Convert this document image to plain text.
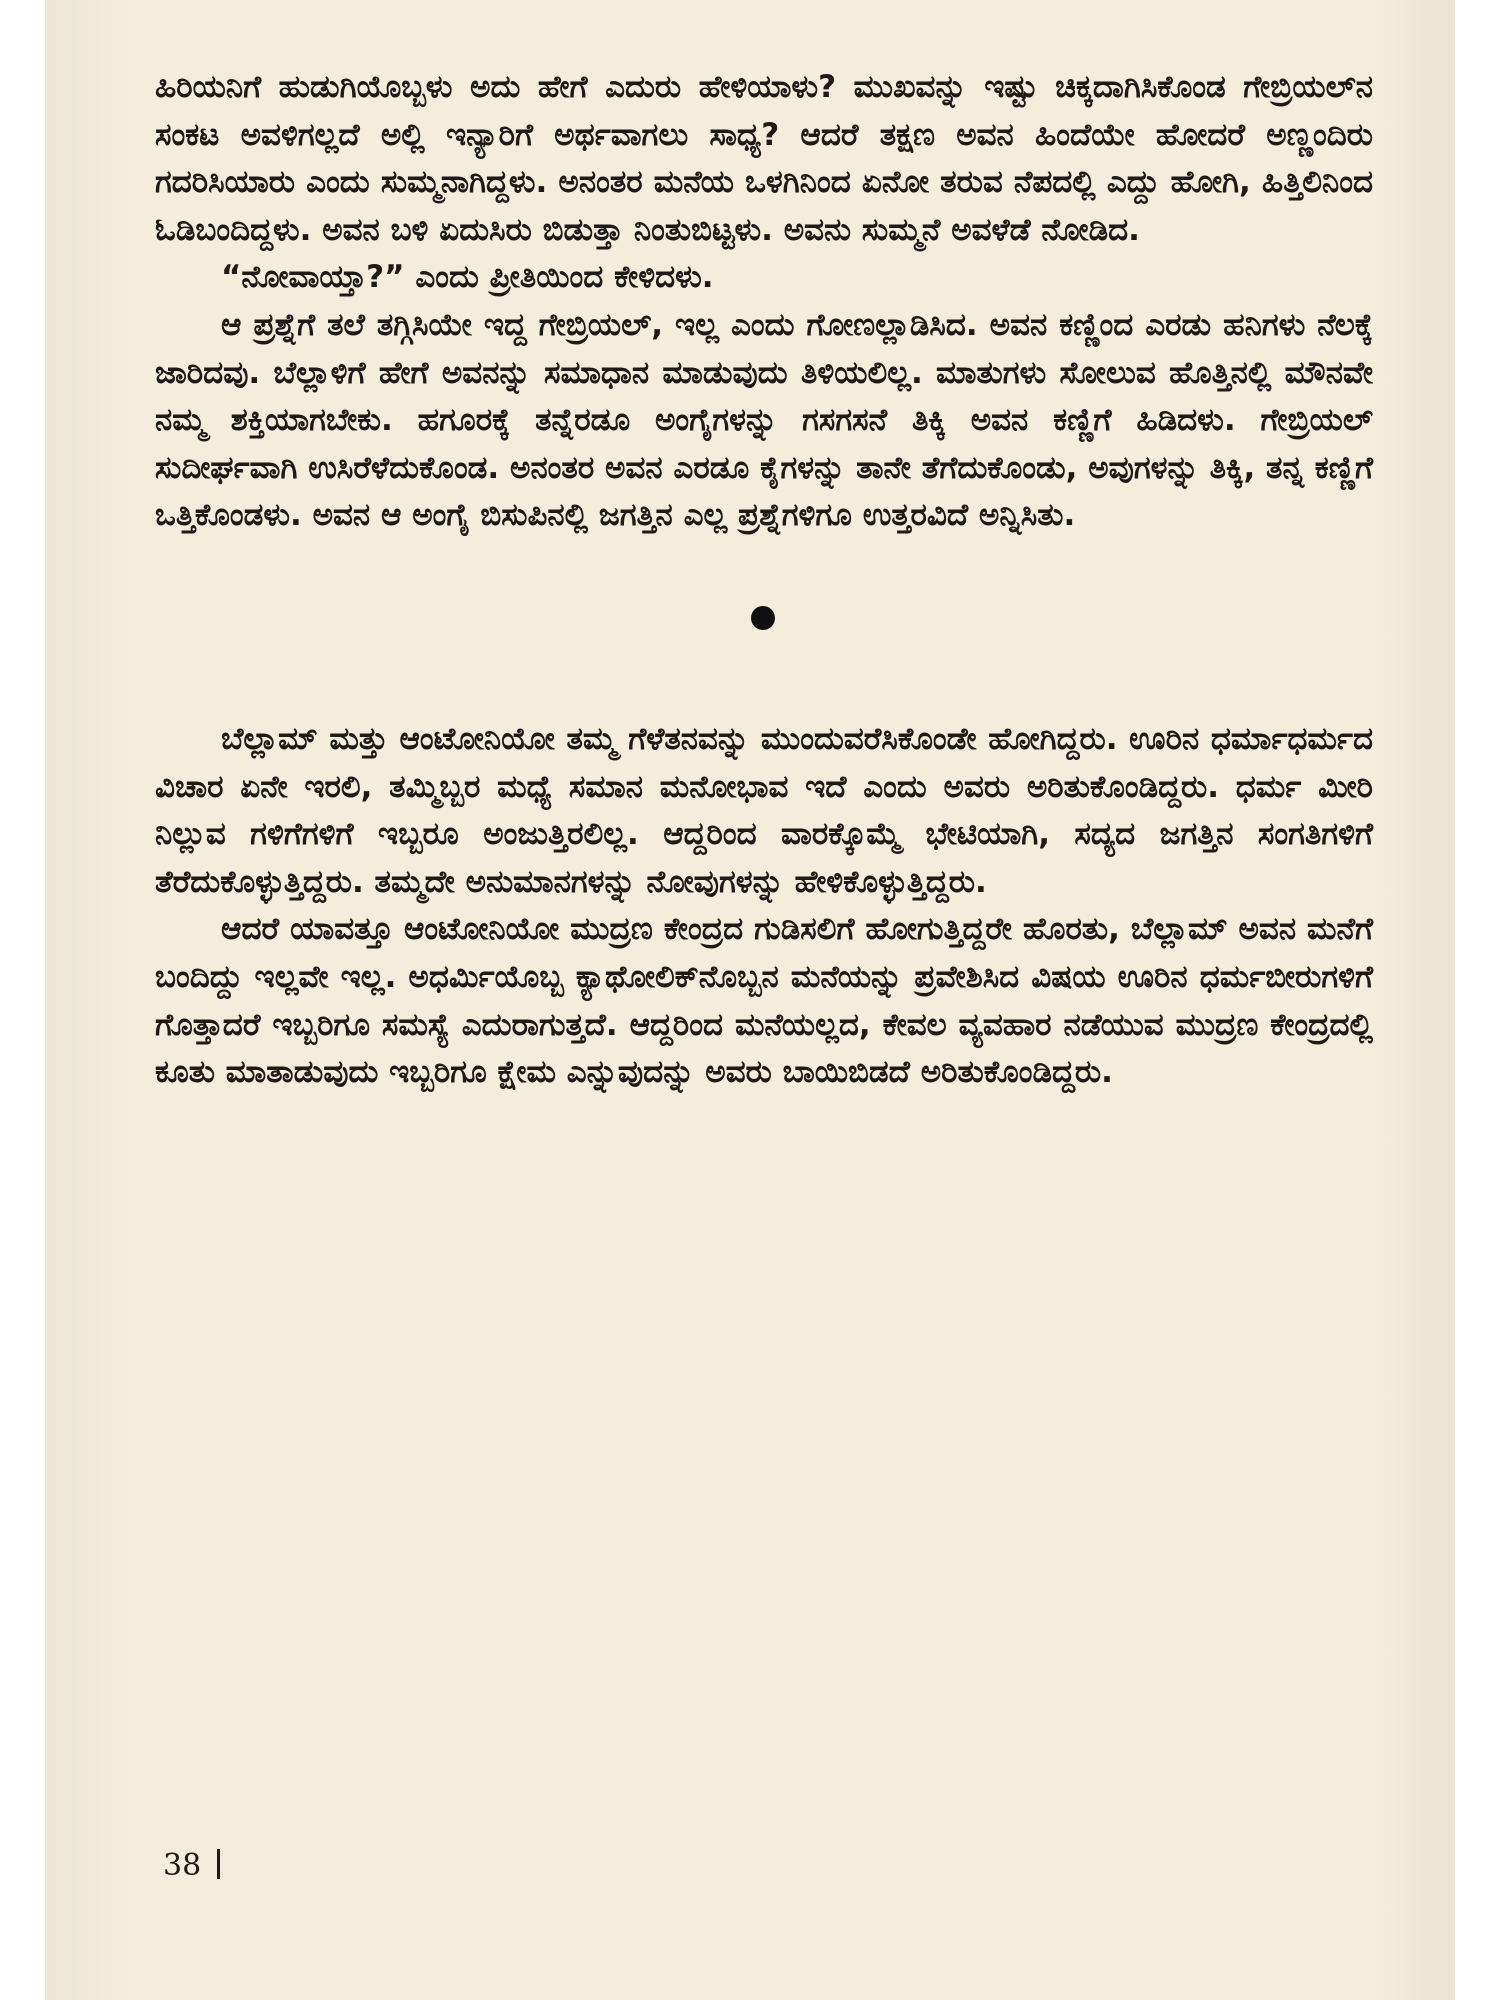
ಹಿರಿಯನಿಗೆ ಹುಡುಗಿಯೊಬ್ಬಳು ಅದು ಹೇಗೆ ಎದುರು ಹೇಳಿಯಾಳು? ಮುಖವನ್ನು ಇಷ್ಟು ಚಿಕ್ಕದಾಗಿಸಿಕೊಂಡ ಗೇಬ್ರಿಯಲ್‌ನ ಸಂಕಟ ಅವಳಿಗಲ್ಲದೆ ಅಲ್ಲಿ ಇನ್ಯಾರಿಗೆ ಅರ್ಥವಾಗಲು ಸಾಧ್ಯ? ಆದರೆ ತಕ್ಷಣ ಅವನ ಹಿಂದೆಯೇ ಹೋದರೆ ಅಣ್ಣಂದಿರು ಗದರಿಸಿಯಾರು ಎಂದು ಸುಮ್ಮನಾಗಿದ್ದಳು. ಅನಂತರ ಮನೆಯ ಒಳಗಿನಿಂದ ಏನೋ ತರುವ ನೆಪದಲ್ಲಿ ಎದ್ದು ಹೋಗಿ, ಹಿತ್ತಿಲಿನಿಂದ ಓಡಿಬಂದಿದ್ದಳು. ಅವನ ಬಳಿ ಏದುಸಿರು ಬಿಡುತ್ತಾ ನಿಂತುಬಿಟ್ಟಳು. ಅವನು ಸುಮ್ಮನೆ ಅವಳೆಡೆ ನೋಡಿದ.

“ನೋವಾಯ್ತಾ?” ಎಂದು ಪ್ರೀತಿಯಿಂದ ಕೇಳಿದಳು.

ಆ ಪ್ರಶ್ನೆಗೆ ತಲೆ ತಗ್ಗಿಸಿಯೇ ಇದ್ದ ಗೇಬ್ರಿಯಲ್, ಇಲ್ಲ ಎಂದು ಗೋಣಲ್ಲಾಡಿಸಿದ. ಅವನ ಕಣ್ಣಿಂದ ಎರಡು ಹನಿಗಳು ನೆಲಕ್ಕೆ ಜಾರಿದವು. ಬೆಲ್ಲಾಳಿಗೆ ಹೇಗೆ ಅವನನ್ನು ಸಮಾಧಾನ ಮಾಡುವುದು ತಿಳಿಯಲಿಲ್ಲ. ಮಾತುಗಳು ಸೋಲುವ ಹೊತ್ತಿನಲ್ಲಿ ಮೌನವೇ ನಮ್ಮ ಶಕ್ತಿಯಾಗಬೇಕು. ಹಗೂರಕ್ಕೆ ತನ್ನೆರಡೂ ಅಂಗೈಗಳನ್ನು ಗಸಗಸನೆ ತಿಕ್ಕಿ ಅವನ ಕಣ್ಣಿಗೆ ಹಿಡಿದಳು. ಗೇಬ್ರಿಯಲ್ ಸುದೀರ್ಘವಾಗಿ ಉಸಿರೆಳೆದುಕೊಂಡ. ಅನಂತರ ಅವನ ಎರಡೂ ಕೈಗಳನ್ನು ತಾನೇ ತೆಗೆದುಕೊಂಡು, ಅವುಗಳನ್ನು ತಿಕ್ಕಿ, ತನ್ನ ಕಣ್ಣಿಗೆ ಒತ್ತಿಕೊಂಡಳು. ಅವನ ಆ ಅಂಗೈ ಬಿಸುಪಿನಲ್ಲಿ ಜಗತ್ತಿನ ಎಲ್ಲ ಪ್ರಶ್ನೆಗಳಿಗೂ ಉತ್ತರವಿದೆ ಅನ್ನಿಸಿತು.

ಬೆಲ್ಲಾಮ್ ಮತ್ತು ಆಂಟೋನಿಯೋ ತಮ್ಮ ಗೆಳೆತನವನ್ನು ಮುಂದುವರೆಸಿಕೊಂಡೇ ಹೋಗಿದ್ದರು. ಊರಿನ ಧರ್ಮಾಧರ್ಮದ ವಿಚಾರ ಏನೇ ಇರಲಿ, ತಮ್ಮಿಬ್ಬರ ಮಧ್ಯೆ ಸಮಾನ ಮನೋಭಾವ ಇದೆ ಎಂದು ಅವರು ಅರಿತುಕೊಂಡಿದ್ದರು. ಧರ್ಮ ಮೀರಿ ನಿಲ್ಲುವ ಗಳಿಗೆಗಳಿಗೆ ಇಬ್ಬರೂ ಅಂಜುತ್ತಿರಲಿಲ್ಲ. ಆದ್ದರಿಂದ ವಾರಕ್ಕೊಮ್ಮೆ ಭೇಟಿಯಾಗಿ, ಸದ್ಯದ ಜಗತ್ತಿನ ಸಂಗತಿಗಳಿಗೆ ತೆರೆದುಕೊಳ್ಳುತ್ತಿದ್ದರು. ತಮ್ಮದೇ ಅನುಮಾನಗಳನ್ನು ನೋವುಗಳನ್ನು ಹೇಳಿಕೊಳ್ಳುತ್ತಿದ್ದರು.

ಆದರೆ ಯಾವತ್ತೂ ಆಂಟೋನಿಯೋ ಮುದ್ರಣ ಕೇಂದ್ರದ ಗುಡಿಸಲಿಗೆ ಹೋಗುತ್ತಿದ್ದರೇ ಹೊರತು, ಬೆಲ್ಲಾಮ್ ಅವನ ಮನೆಗೆ ಬಂದಿದ್ದು ಇಲ್ಲವೇ ಇಲ್ಲ. ಅಧರ್ಮಿಯೊಬ್ಬ ಕ್ಯಾಥೋಲಿಕ್‌ನೊಬ್ಬನ ಮನೆಯನ್ನು ಪ್ರವೇಶಿಸಿದ ವಿಷಯ ಊರಿನ ಧರ್ಮಬೀರುಗಳಿಗೆ ಗೊತ್ತಾದರೆ ಇಬ್ಬರಿಗೂ ಸಮಸ್ಯೆ ಎದುರಾಗುತ್ತದೆ. ಆದ್ದರಿಂದ ಮನೆಯಲ್ಲದ, ಕೇವಲ ವ್ಯವಹಾರ ನಡೆಯುವ ಮುದ್ರಣ ಕೇಂದ್ರದಲ್ಲಿ ಕೂತು ಮಾತಾಡುವುದು ಇಬ್ಬರಿಗೂ ಕ್ಷೇಮ ಎನ್ನುವುದನ್ನು ಅವರು ಬಾಯಿಬಿಡದೆ ಅರಿತುಕೊಂಡಿದ್ದರು.

38
